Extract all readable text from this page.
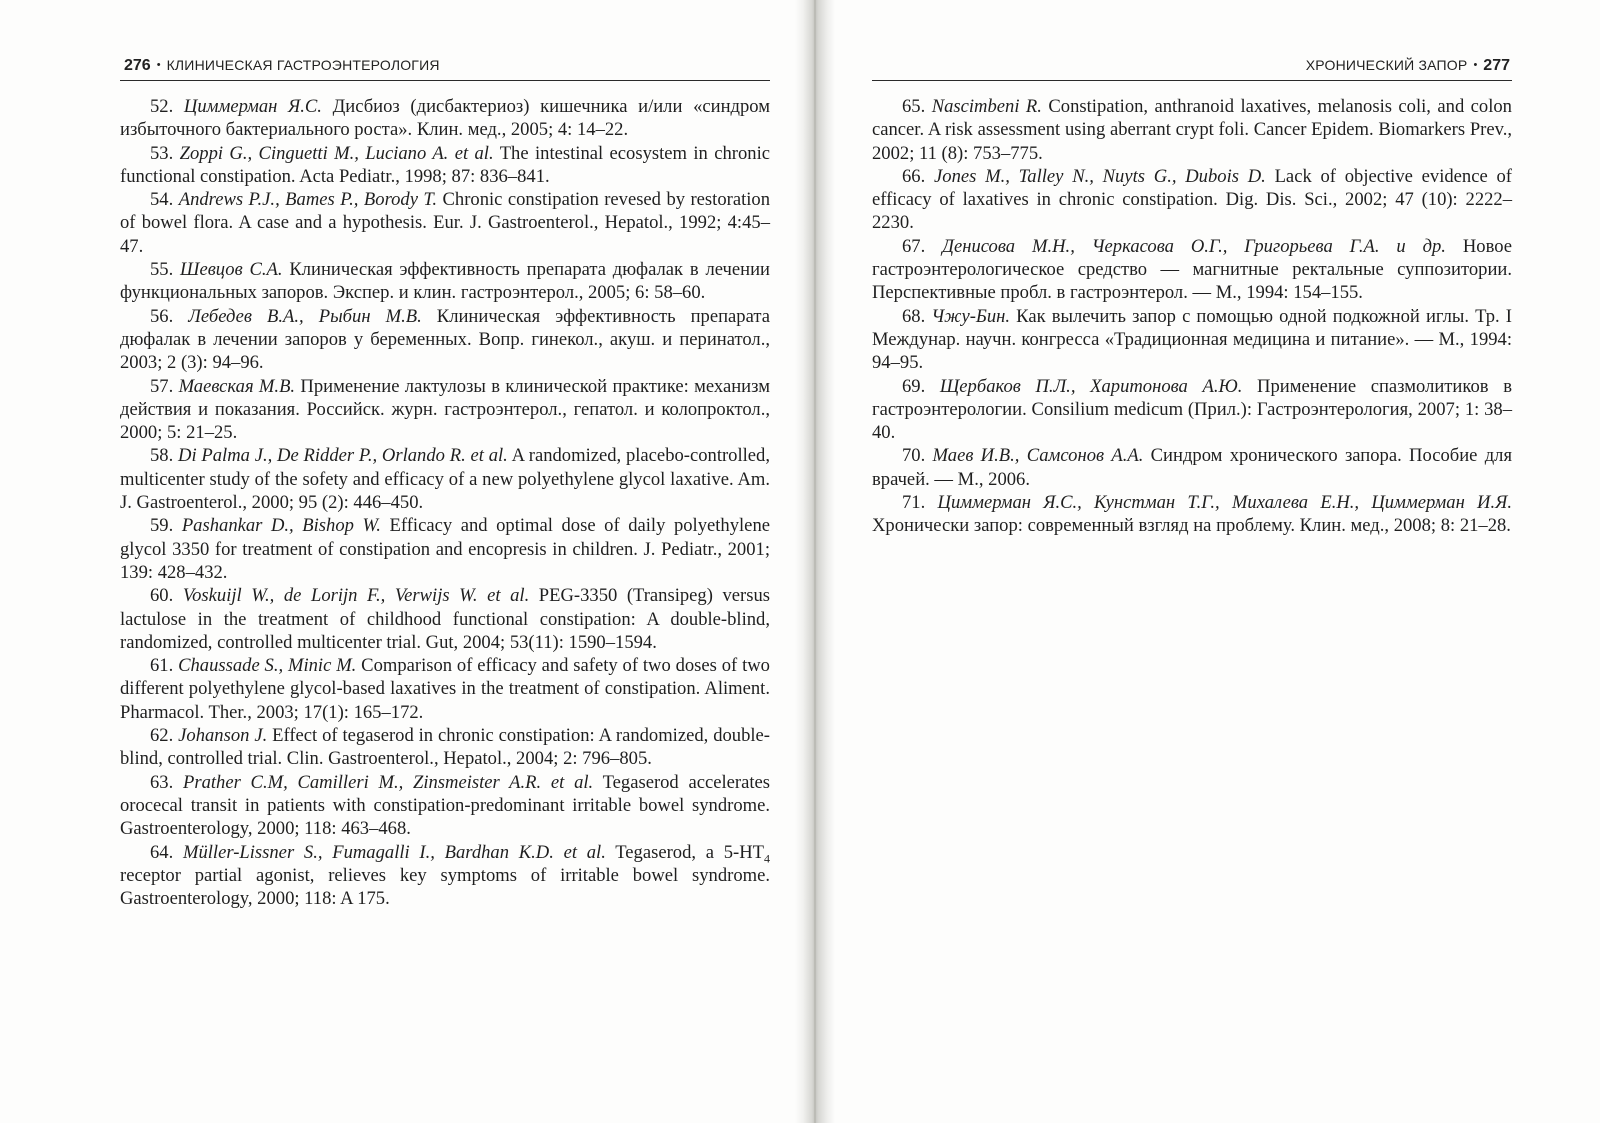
276 • КЛИНИЧЕСКАЯ ГАСТРОЭНТЕРОЛОГИЯ

52. Циммерман Я.С. Дисбиоз (дисбактериоз) кишечника и/или «синдром избыточного бактериального роста». Клин. мед., 2005; 4: 14–22.

53. Zoppi G., Cinguetti M., Luciano A. et al. The intestinal ecosystem in chronic functional constipation. Acta Pediatr., 1998; 87: 836–841.

54. Andrews P.J., Bames P., Borody T. Chronic constipation revesed by restoration of bowel flora. A case and a hypothesis. Eur. J. Gastroenterol., Hepatol., 1992; 4:45–47.

55. Шевцов С.А. Клиническая эффективность препарата дюфалак в лечении функциональных запоров. Экспер. и клин. гастроэнтерол., 2005; 6: 58–60.

56. Лебедев В.А., Рыбин М.В. Клиническая эффективность препарата дюфалак в лечении запоров у беременных. Вопр. гинекол., акуш. и перинатол., 2003; 2 (3): 94–96.

57. Маевская М.В. Применение лактулозы в клинической практике: механизм действия и показания. Российск. журн. гастроэнтерол., гепатол. и колопроктол., 2000; 5: 21–25.

58. Di Palma J., De Ridder P., Orlando R. et al. A randomized, placebo-controlled, multicenter study of the sofety and efficacy of a new polyethylene glycol laxative. Am. J. Gastroenterol., 2000; 95 (2): 446–450.

59. Pashankar D., Bishop W. Efficacy and optimal dose of daily polyethylene glycol 3350 for treatment of constipation and encopresis in children. J. Pediatr., 2001; 139: 428–432.

60. Voskuijl W., de Lorijn F., Verwijs W. et al. PEG-3350 (Transipeg) versus lactulose in the treatment of childhood functional constipation: A double-blind, randomized, controlled multicenter trial. Gut, 2004; 53(11): 1590–1594.

61. Chaussade S., Minic M. Comparison of efficacy and safety of two doses of two different polyethylene glycol-based laxatives in the treatment of constipation. Aliment. Pharmacol. Ther., 2003; 17(1): 165–172.

62. Johanson J. Effect of tegaserod in chronic constipation: A randomized, double-blind, controlled trial. Clin. Gastroenterol., Hepatol., 2004; 2: 796–805.

63. Prather C.M, Camilleri M., Zinsmeister A.R. et al. Tegaserod accelerates orocecal transit in patients with constipation-predominant irritable bowel syndrome. Gastroenterology, 2000; 118: 463–468.

64. Müller-Lissner S., Fumagalli I., Bardhan K.D. et al. Tegaserod, a $5-HT_4$ receptor partial agonist, relieves key symptoms of irritable bowel syndrome. Gastroenterology, 2000; 118: A 175.

ХРОНИЧЕСКИЙ ЗАПОР • 277

65. Nascimbeni R. Constipation, anthranoid laxatives, melanosis coli, and colon cancer. A risk assessment using aberrant crypt foli. Cancer Epidem. Biomarkers Prev., 2002; 11 (8): 753–775.

66. Jones M., Talley N., Nuyts G., Dubois D. Lack of objective evidence of efficacy of laxatives in chronic constipation. Dig. Dis. Sci., 2002; 47 (10): 2222–2230.

67. Денисова М.Н., Черкасова О.Г., Григорьева Г.А. и др. Новое гастроэнтерологическое средство — магнитные ректальные суппозитории. Перспективные пробл. в гастроэнтерол. — М., 1994: 154–155.

68. Чжу-Бин. Как вылечить запор с помощью одной подкожной иглы. Тр. I Междунар. научн. конгресса «Традиционная медицина и питание». — М., 1994: 94–95.

69. Щербаков П.Л., Харитонова А.Ю. Применение спазмолитиков в гастроэнтерологии. Consilium medicum (Прил.): Гастроэнтерология, 2007; 1: 38–40.

70. Маев И.В., Самсонов А.А. Синдром хронического запора. Пособие для врачей. — М., 2006.

71. Циммерман Я.С., Кунстман Т.Г., Михалева Е.Н., Циммерман И.Я. Хронически запор: современный взгляд на проблему. Клин. мед., 2008; 8: 21–28.
